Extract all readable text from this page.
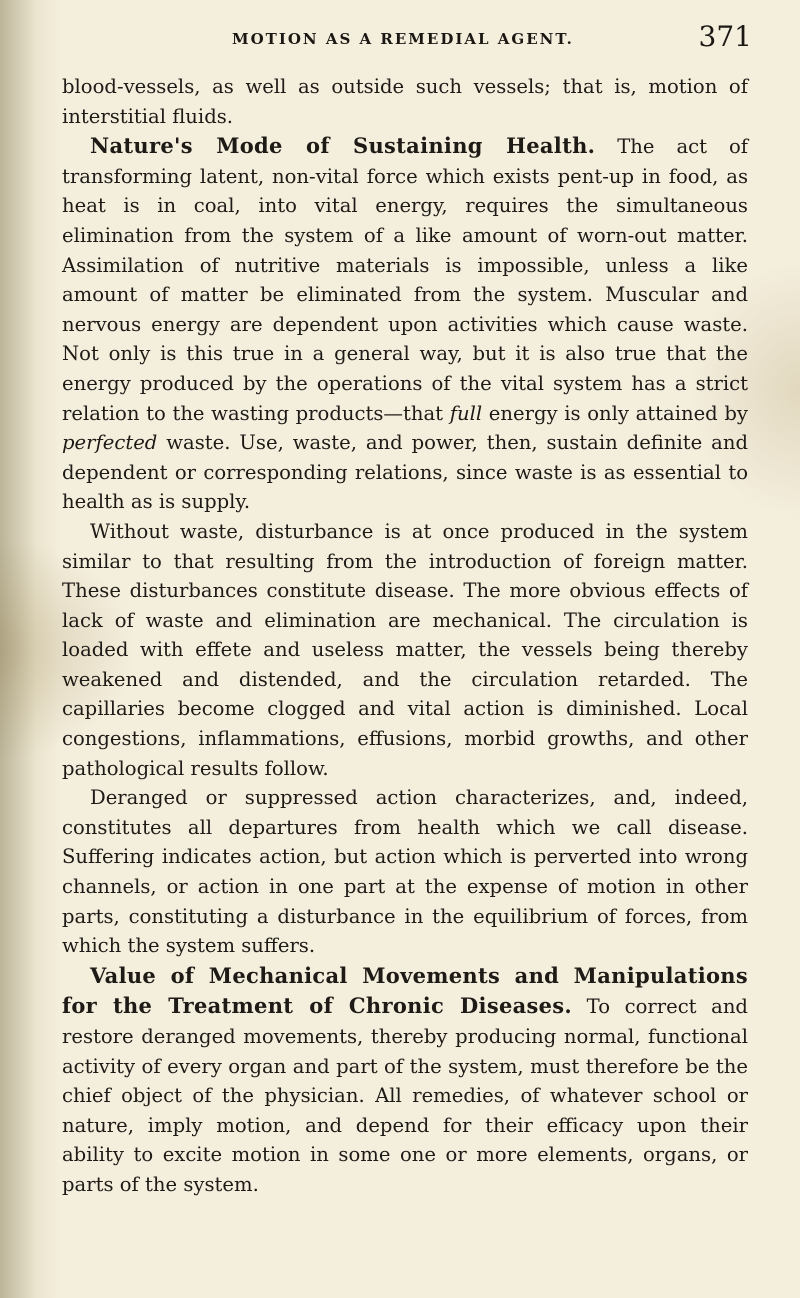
MOTION AS A REMEDIAL AGENT.	371

blood-vessels, as well as outside such vessels; that is, motion of interstitial fluids.

Nature's Mode of Sustaining Health. The act of transforming latent, non-vital force which exists pent-up in food, as heat is in coal, into vital energy, requires the simultaneous elimination from the system of a like amount of worn-out matter. Assimilation of nutritive materials is impossible, unless a like amount of matter be eliminated from the system. Muscular and nervous energy are dependent upon activities which cause waste. Not only is this true in a general way, but it is also true that the energy produced by the operations of the vital system has a strict relation to the wasting products—that full energy is only attained by perfected waste. Use, waste, and power, then, sustain definite and dependent or corresponding relations, since waste is as essential to health as is supply.

Without waste, disturbance is at once produced in the system similar to that resulting from the introduction of foreign matter. These disturbances constitute disease. The more obvious effects of lack of waste and elimination are mechanical. The circulation is loaded with effete and useless matter, the vessels being thereby weakened and distended, and the circulation retarded. The capillaries become clogged and vital action is diminished. Local congestions, inflammations, effusions, morbid growths, and other pathological results follow.

Deranged or suppressed action characterizes, and, indeed, constitutes all departures from health which we call disease. Suffering indicates action, but action which is perverted into wrong channels, or action in one part at the expense of motion in other parts, constituting a disturbance in the equilibrium of forces, from which the system suffers.

Value of Mechanical Movements and Manipulations for the Treatment of Chronic Diseases. To correct and restore deranged movements, thereby producing normal, functional activity of every organ and part of the system, must therefore be the chief object of the physician. All remedies, of whatever school or nature, imply motion, and depend for their efficacy upon their ability to excite motion in some one or more elements, organs, or parts of the system.
